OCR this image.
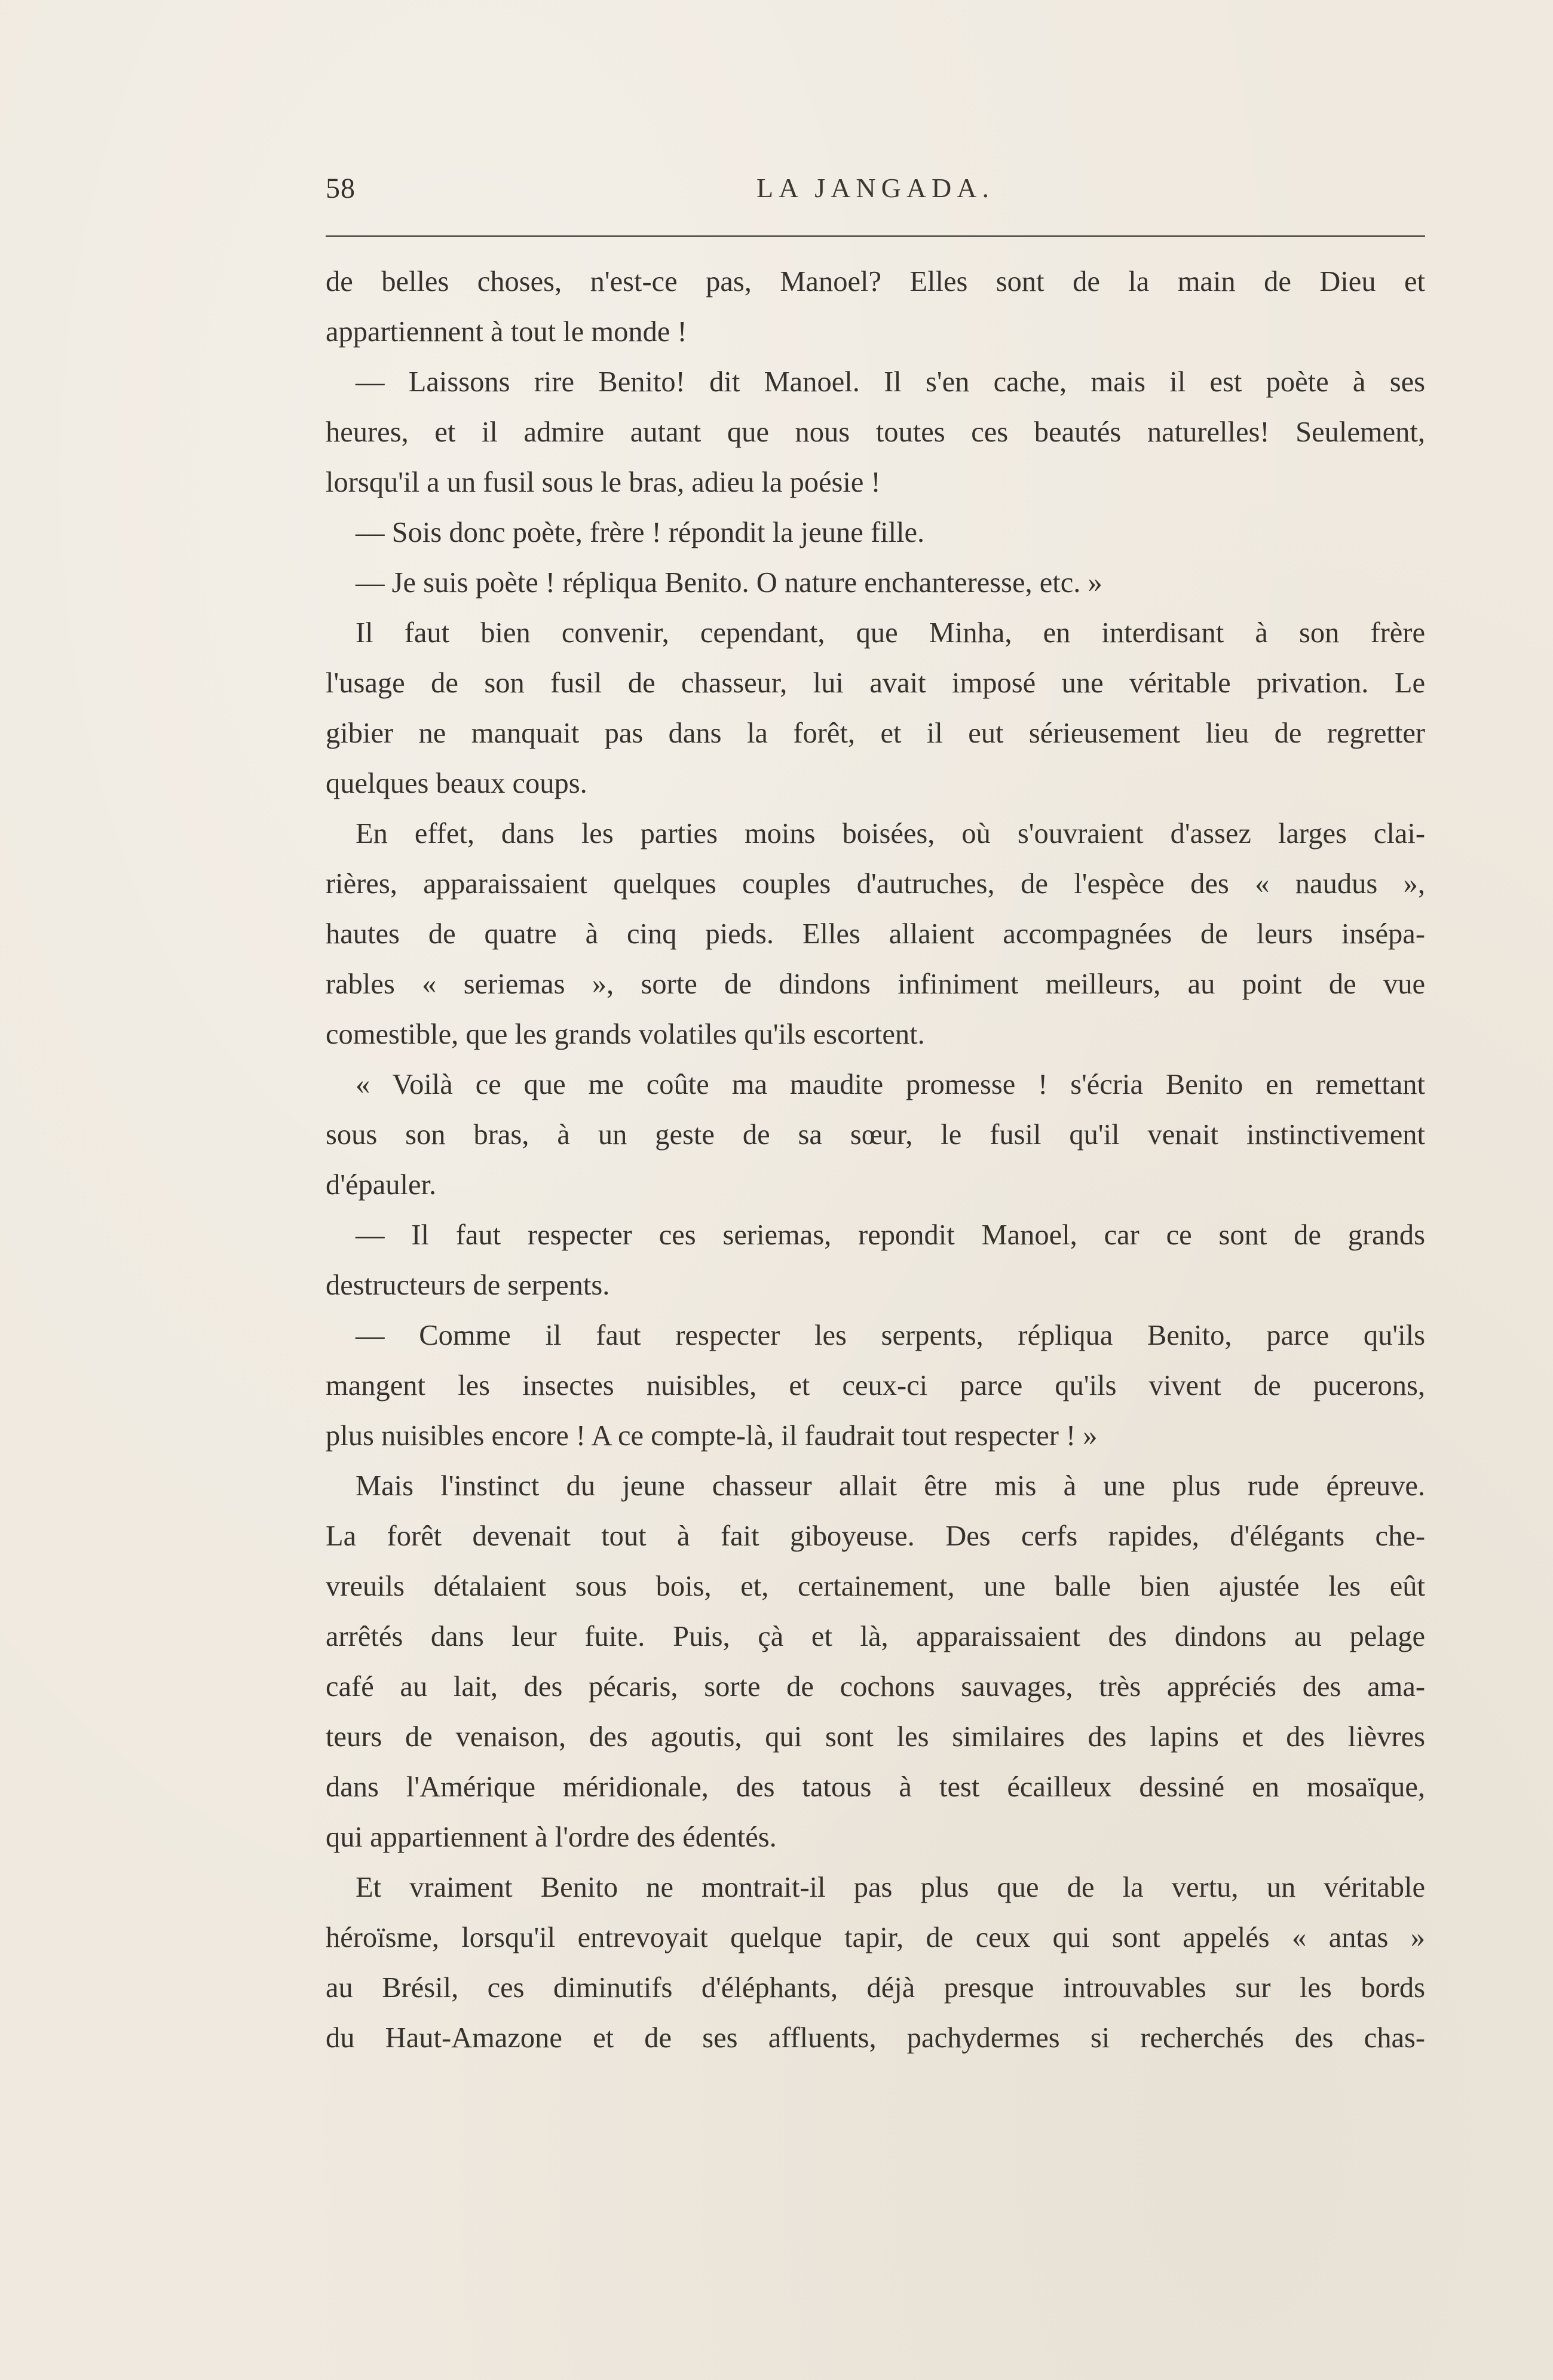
58	LA JANGADA.
de belles choses, n'est-ce pas, Manoel? Elles sont de la main de Dieu et
appartiennent à tout le monde !
— Laissons rire Benito! dit Manoel. Il s'en cache, mais il est poète à ses
heures, et il admire autant que nous toutes ces beautés naturelles! Seulement,
lorsqu'il a un fusil sous le bras, adieu la poésie !
— Sois donc poète, frère ! répondit la jeune fille.
— Je suis poète ! répliqua Benito. O nature enchanteresse, etc. »
Il faut bien convenir, cependant, que Minha, en interdisant à son frère
l'usage de son fusil de chasseur, lui avait imposé une véritable privation. Le
gibier ne manquait pas dans la forêt, et il eut sérieusement lieu de regretter
quelques beaux coups.
En effet, dans les parties moins boisées, où s'ouvraient d'assez larges clai-
rières, apparaissaient quelques couples d'autruches, de l'espèce des « naudus »,
hautes de quatre à cinq pieds. Elles allaient accompagnées de leurs insépa-
rables « seriemas », sorte de dindons infiniment meilleurs, au point de vue
comestible, que les grands volatiles qu'ils escortent.
« Voilà ce que me coûte ma maudite promesse ! s'écria Benito en remettant
sous son bras, à un geste de sa sœur, le fusil qu'il venait instinctivement
d'épauler.
— Il faut respecter ces seriemas, repondit Manoel, car ce sont de grands
destructeurs de serpents.
— Comme il faut respecter les serpents, répliqua Benito, parce qu'ils
mangent les insectes nuisibles, et ceux-ci parce qu'ils vivent de pucerons,
plus nuisibles encore ! A ce compte-là, il faudrait tout respecter ! »
Mais l'instinct du jeune chasseur allait être mis à une plus rude épreuve.
La forêt devenait tout à fait giboyeuse. Des cerfs rapides, d'élégants che-
vreuils détalaient sous bois, et, certainement, une balle bien ajustée les eût
arrêtés dans leur fuite. Puis, çà et là, apparaissaient des dindons au pelage
café au lait, des pécaris, sorte de cochons sauvages, très appréciés des ama-
teurs de venaison, des agoutis, qui sont les similaires des lapins et des lièvres
dans l'Amérique méridionale, des tatous à test écailleux dessiné en mosaïque,
qui appartiennent à l'ordre des édentés.
Et vraiment Benito ne montrait-il pas plus que de la vertu, un véritable
héroïsme, lorsqu'il entrevoyait quelque tapir, de ceux qui sont appelés « antas »
au Brésil, ces diminutifs d'éléphants, déjà presque introuvables sur les bords
du Haut-Amazone et de ses affluents, pachydermes si recherchés des chas-
